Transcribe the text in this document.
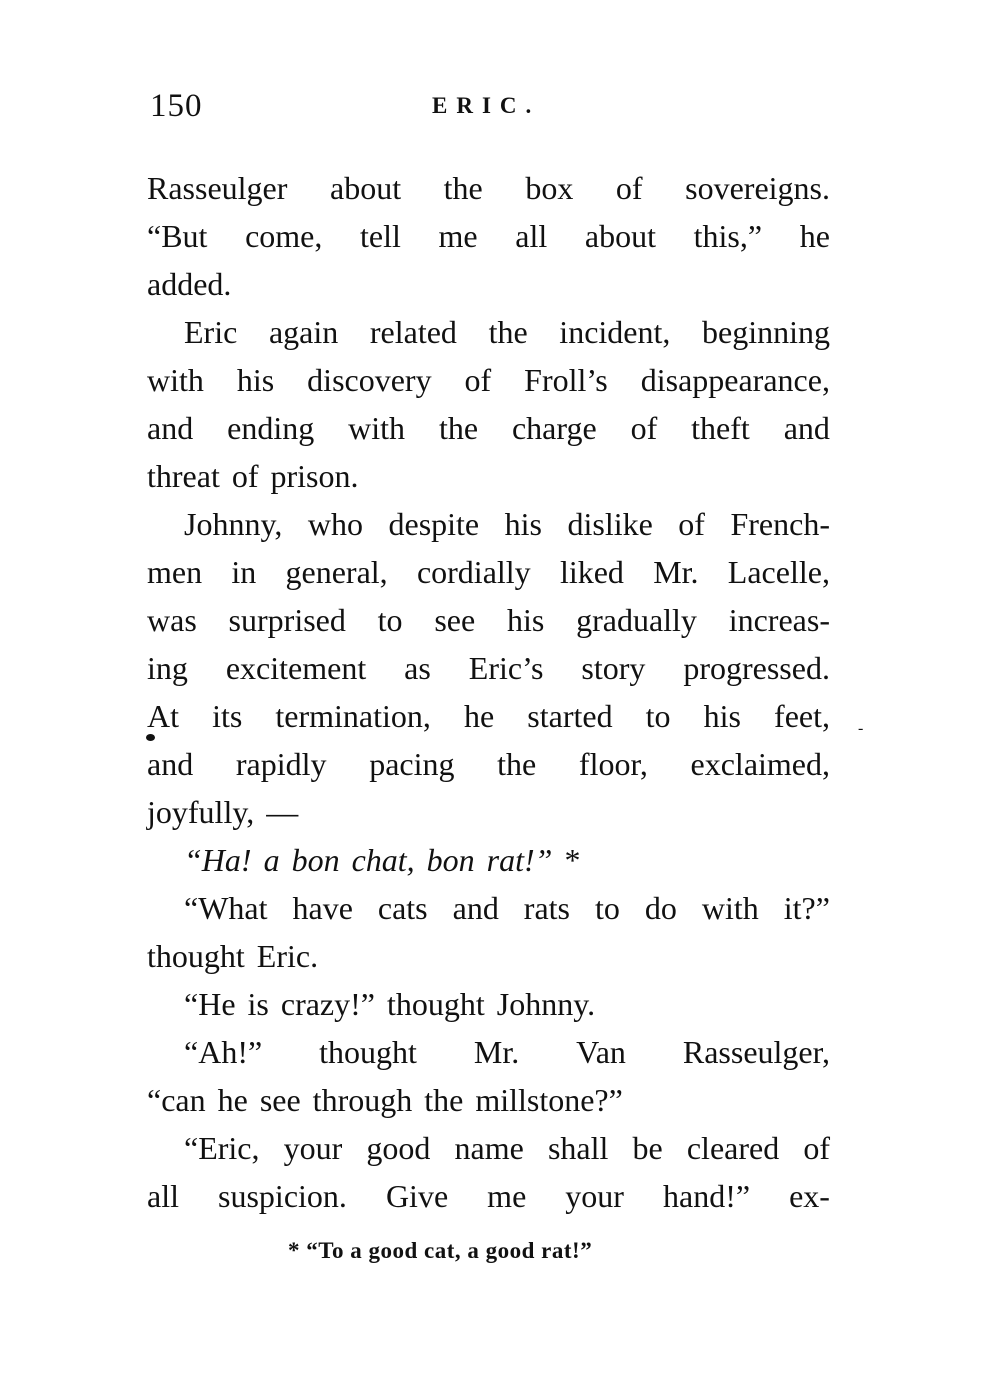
150	ERIC.
Rasseulger about the box of sovereigns.
“But come, tell me all about this,” he
added.
Eric again related the incident, beginning
with his discovery of Froll’s disappearance,
and ending with the charge of theft and
threat of prison.
Johnny, who despite his dislike of French-
men in general, cordially liked Mr. Lacelle,
was surprised to see his gradually increas-
ing excitement as Eric’s story progressed.
At its termination, he started to his feet,
and rapidly pacing the floor, exclaimed,
joyfully, —
“Ha! a bon chat, bon rat!” *
“What have cats and rats to do with it?”
thought Eric.
“He is crazy!” thought Johnny.
“Ah!” thought Mr. Van Rasseulger,
“can he see through the millstone?”
“Eric, your good name shall be cleared of
all suspicion. Give me your hand!” ex-
-
* “To a good cat, a good rat!”
